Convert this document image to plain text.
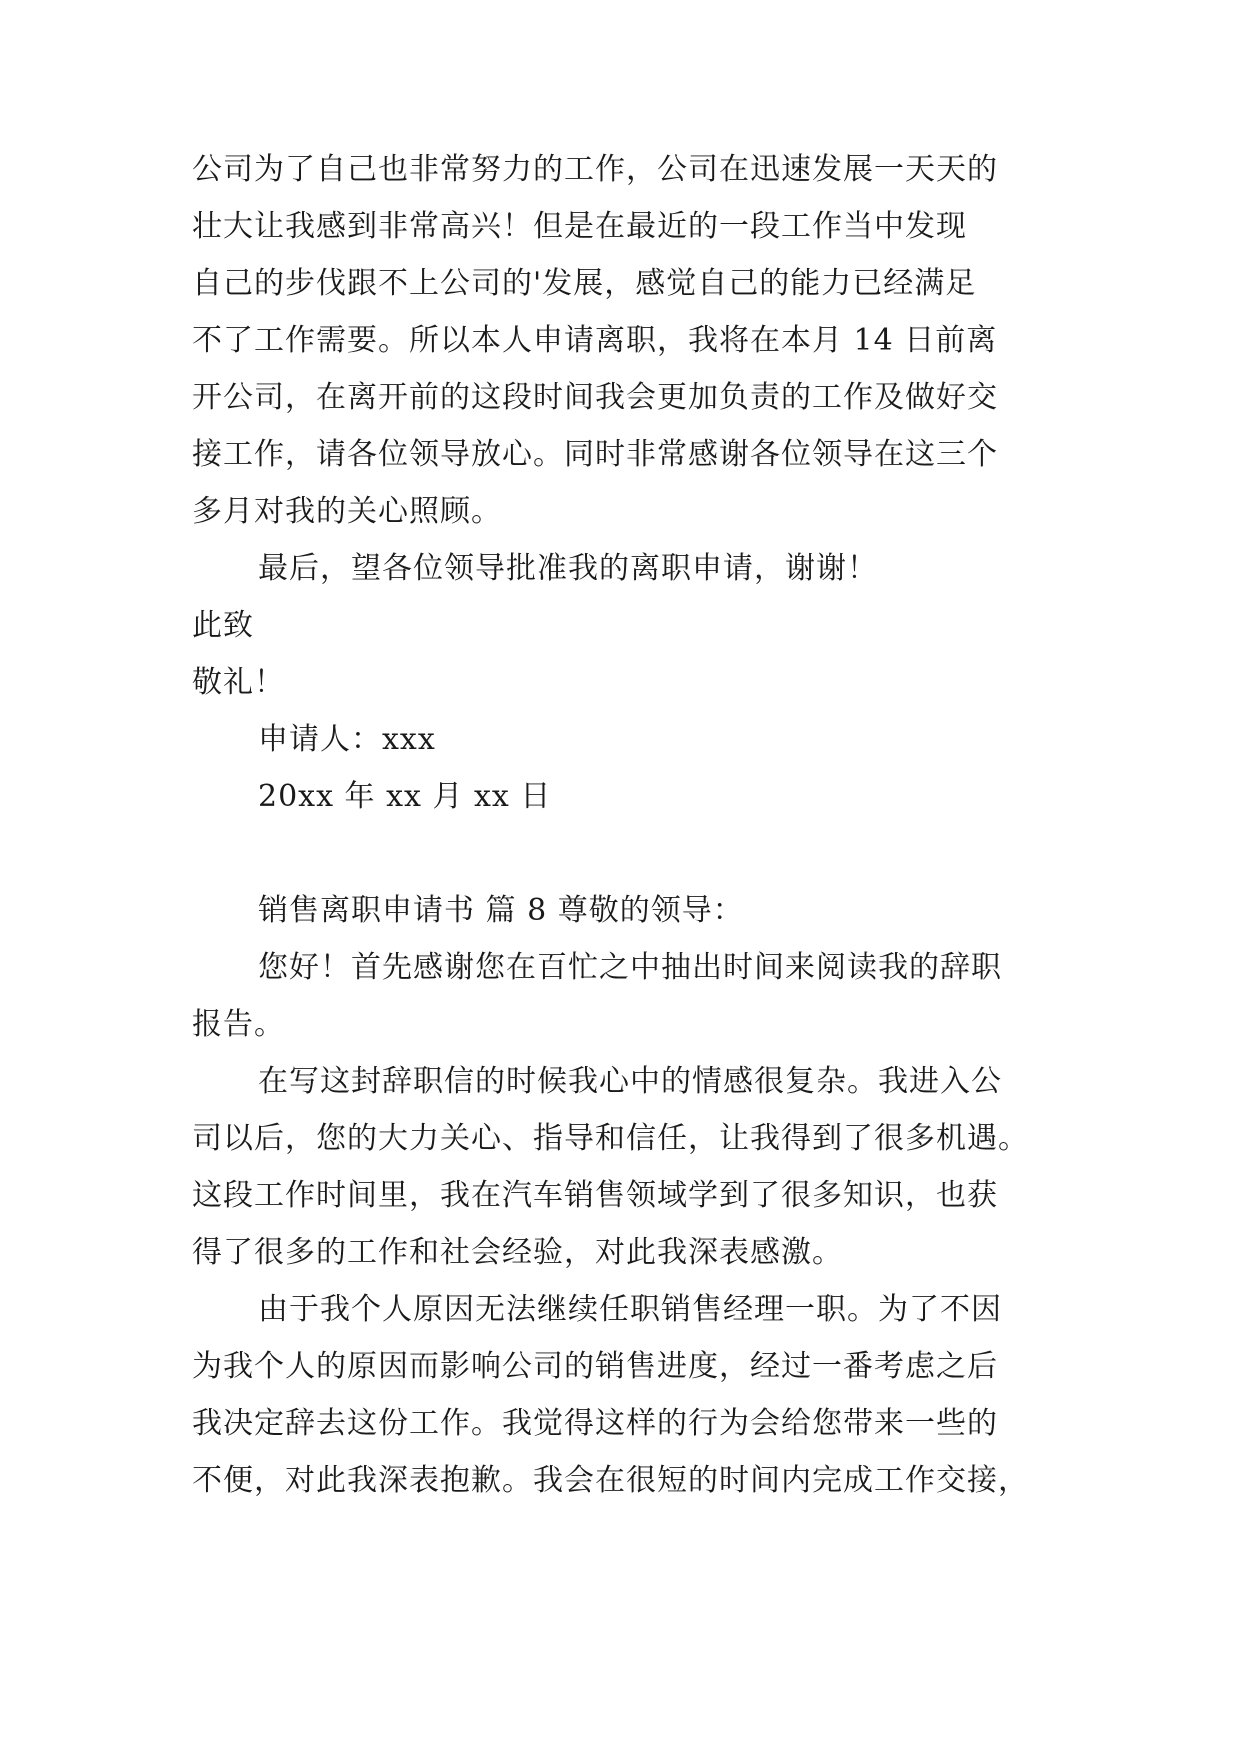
公司为了自己也非常努力的工作，公司在迅速发展一天天的
壮大让我感到非常高兴！但是在最近的一段工作当中发现
自己的步伐跟不上公司的'发展，感觉自己的能力已经满足
不了工作需要。所以本人申请离职，我将在本月 14 日前离
开公司，在离开前的这段时间我会更加负责的工作及做好交
接工作，请各位领导放心。同时非常感谢各位领导在这三个
多月对我的关心照顾。
最后，望各位领导批准我的离职申请，谢谢！
此致
敬礼！
申请人：xxx
20xx 年 xx 月 xx 日
销售离职申请书 篇 8 尊敬的领导：
您好！首先感谢您在百忙之中抽出时间来阅读我的辞职
报告。
在写这封辞职信的时候我心中的情感很复杂。我进入公
司以后，您的大力关心、指导和信任，让我得到了很多机遇。
这段工作时间里，我在汽车销售领域学到了很多知识，也获
得了很多的工作和社会经验，对此我深表感激。
由于我个人原因无法继续任职销售经理一职。为了不因
为我个人的原因而影响公司的销售进度，经过一番考虑之后
我决定辞去这份工作。我觉得这样的行为会给您带来一些的
不便，对此我深表抱歉。我会在很短的时间内完成工作交接，
